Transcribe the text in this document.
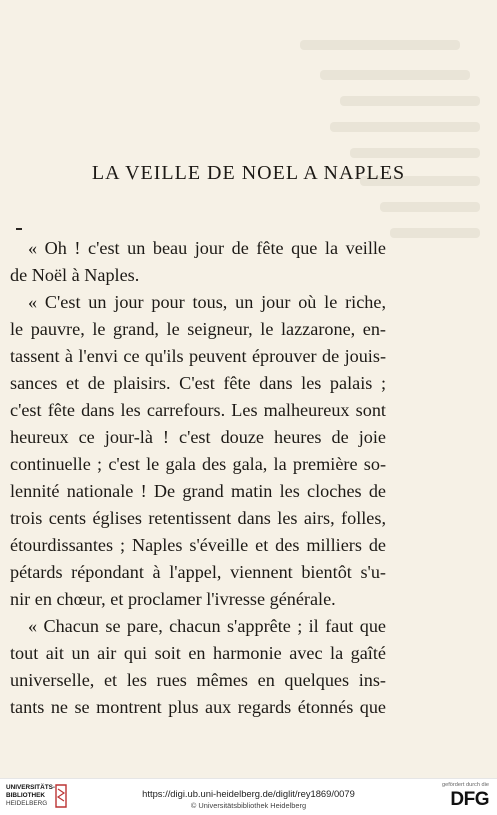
LA VEILLE DE NOEL A NAPLES
« Oh ! c'est un beau jour de fête que la veille
de Noël à Naples.
« C'est un jour pour tous, un jour où le riche,
le pauvre, le grand, le seigneur, le lazzarone, en-
tassent à l'envi ce qu'ils peuvent éprouver de jouis-
sances et de plaisirs. C'est fête dans les palais ;
c'est fête dans les carrefours. Les malheureux sont
heureux ce jour-là ! c'est douze heures de joie
continuelle ; c'est le gala des gala, la première so-
lennité nationale ! De grand matin les cloches de
trois cents églises retentissent dans les airs, folles,
étourdissantes ; Naples s'éveille et des milliers de
pétards répondant à l'appel, viennent bientôt s'u-
nir en chœur, et proclamer l'ivresse générale.
« Chacun se pare, chacun s'apprête ; il faut que
tout ait un air qui soit en harmonie avec la gaîté
universelle, et les rues mêmes en quelques ins-
tants ne se montrent plus aux regards étonnés que
UNIVERSITÄTS-
BIBLIOTHEK
HEIDELBERG
https://digi.ub.uni-heidelberg.de/diglit/rey1869/0079
© Universitätsbibliothek Heidelberg
gefördert durch die
DFG
